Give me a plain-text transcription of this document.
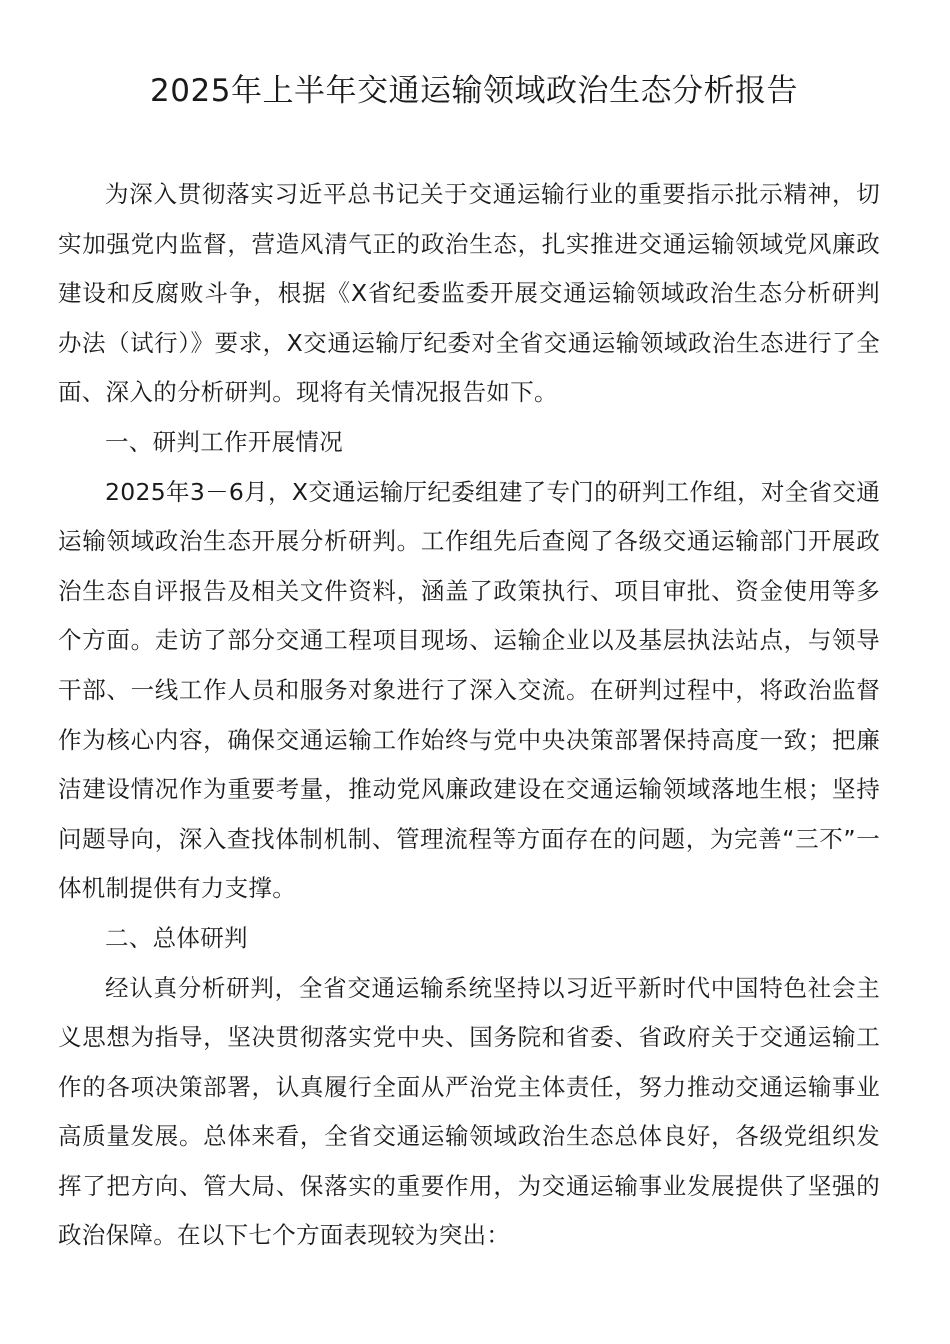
2025年上半年交通运输领域政治生态分析报告

为深入贯彻落实习近平总书记关于交通运输行业的重要指示批示精神，切实加强党内监督，营造风清气正的政治生态，扎实推进交通运输领域党风廉政建设和反腐败斗争，根据《X省纪委监委开展交通运输领域政治生态分析研判办法（试行）》要求，X交通运输厅纪委对全省交通运输领域政治生态进行了全面、深入的分析研判。现将有关情况报告如下。

一、研判工作开展情况

2025年3－6月，X交通运输厅纪委组建了专门的研判工作组，对全省交通运输领域政治生态开展分析研判。工作组先后查阅了各级交通运输部门开展政治生态自评报告及相关文件资料，涵盖了政策执行、项目审批、资金使用等多个方面。走访了部分交通工程项目现场、运输企业以及基层执法站点，与领导干部、一线工作人员和服务对象进行了深入交流。在研判过程中，将政治监督作为核心内容，确保交通运输工作始终与党中央决策部署保持高度一致；把廉洁建设情况作为重要考量，推动党风廉政建设在交通运输领域落地生根；坚持问题导向，深入查找体制机制、管理流程等方面存在的问题，为完善“三不”一体机制提供有力支撑。

二、总体研判

经认真分析研判，全省交通运输系统坚持以习近平新时代中国特色社会主义思想为指导，坚决贯彻落实党中央、国务院和省委、省政府关于交通运输工作的各项决策部署，认真履行全面从严治党主体责任，努力推动交通运输事业高质量发展。总体来看，全省交通运输领域政治生态总体良好，各级党组织发挥了把方向、管大局、保落实的重要作用，为交通运输事业发展提供了坚强的政治保障。在以下七个方面表现较为突出：
